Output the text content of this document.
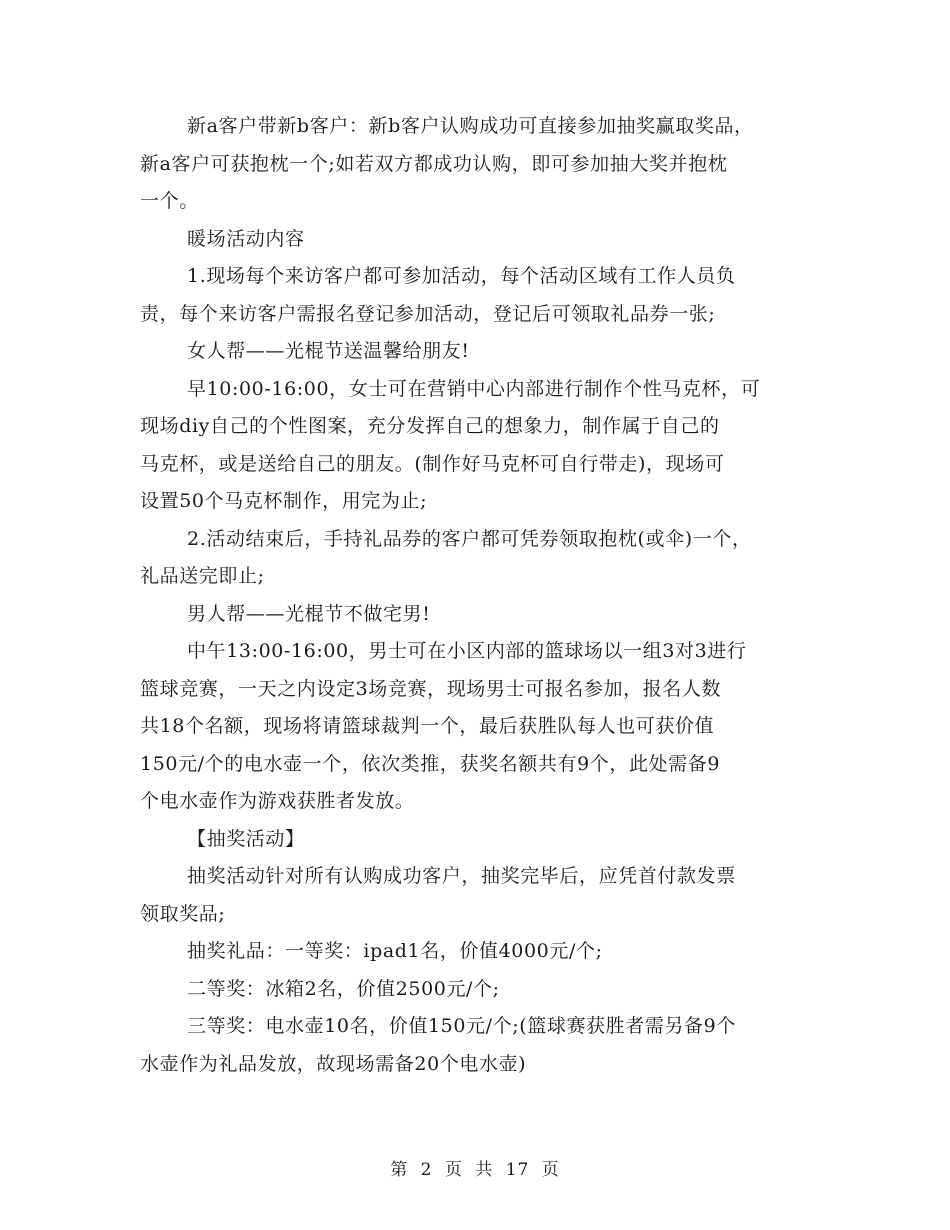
新a客户带新b客户：新b客户认购成功可直接参加抽奖赢取奖品，
新a客户可获抱枕一个;如若双方都成功认购，即可参加抽大奖并抱枕
一个。
暖场活动内容
1.现场每个来访客户都可参加活动，每个活动区域有工作人员负
责，每个来访客户需报名登记参加活动，登记后可领取礼品券一张;
女人帮——光棍节送温馨给朋友!
早10:00-16:00，女士可在营销中心内部进行制作个性马克杯，可
现场diy自己的个性图案，充分发挥自己的想象力，制作属于自己的
马克杯，或是送给自己的朋友。(制作好马克杯可自行带走)，现场可
设置50个马克杯制作，用完为止;
2.活动结束后，手持礼品券的客户都可凭券领取抱枕(或伞)一个，
礼品送完即止;
男人帮——光棍节不做宅男!
中午13:00-16:00，男士可在小区内部的篮球场以一组3对3进行
篮球竞赛，一天之内设定3场竞赛，现场男士可报名参加，报名人数
共18个名额，现场将请篮球裁判一个，最后获胜队每人也可获价值
150元/个的电水壶一个，依次类推，获奖名额共有9个，此处需备9
个电水壶作为游戏获胜者发放。
【抽奖活动】
抽奖活动针对所有认购成功客户，抽奖完毕后，应凭首付款发票
领取奖品;
抽奖礼品：一等奖：ipad1名，价值4000元/个;
二等奖：冰箱2名，价值2500元/个;
三等奖：电水壶10名，价值150元/个;(篮球赛获胜者需另备9个
水壶作为礼品发放，故现场需备20个电水壶)
第 2 页 共 17 页
